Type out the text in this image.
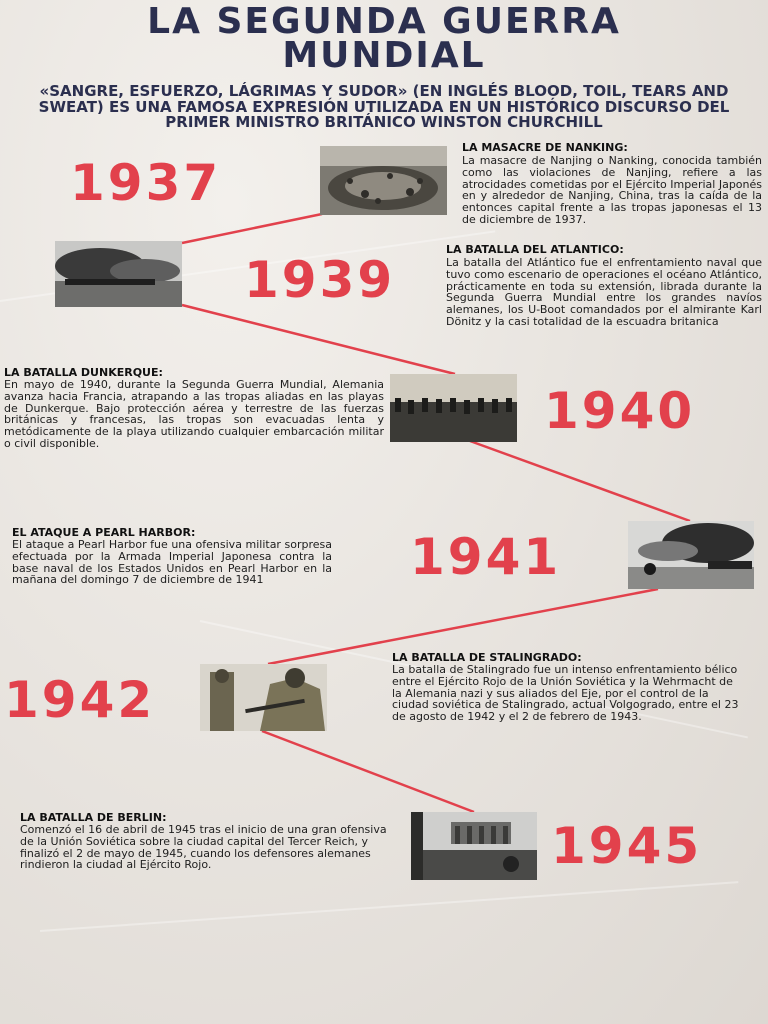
LA SEGUNDA GUERRA
MUNDIAL
«SANGRE, ESFUERZO, LÁGRIMAS Y SUDOR» (EN INGLÉS BLOOD, TOIL, TEARS AND SWEAT) ES UNA FAMOSA EXPRESIÓN UTILIZADA EN UN HISTÓRICO DISCURSO DEL PRIMER MINISTRO BRITÁNICO WINSTON CHURCHILL
1937
LA MASACRE DE NANKING:
La masacre de Nanjing o Nanking, conocida también como las violaciones de Nanjing, refiere a las atrocidades cometidas por el Ejército Imperial Japonés en y alrededor de Nanjing, China, tras la caída de la entonces capital frente a las tropas japonesas el 13 de diciembre de 1937.
1939
LA BATALLA DEL ATLANTICO:
La batalla del Atlántico fue el enfrentamiento naval que tuvo como escenario de operaciones el océano Atlántico, prácticamente en toda su extensión, librada durante la Segunda Guerra Mundial entre los grandes navíos alemanes, los U-Boot comandados por el almirante Karl Dönitz y la casi totalidad de la escuadra britanica
LA BATALLA DUNKERQUE:
En mayo de 1940, durante la Segunda Guerra Mundial, Alemania avanza hacia Francia, atrapando a las tropas aliadas en las playas de Dunkerque. Bajo protección aérea y terrestre de las fuerzas británicas y francesas, las tropas son evacuadas lenta y metódicamente de la playa utilizando cualquier embarcación militar o civil disponible.
1940
EL ATAQUE A PEARL HARBOR:
El ataque a Pearl Harbor fue una ofensiva militar sorpresa efectuada por la Armada Imperial Japonesa contra la base naval de los Estados Unidos en Pearl Harbor en la mañana del domingo 7 de diciembre de 1941	1941
1942
LA BATALLA DE STALINGRADO:
La batalla de Stalingrado fue un intenso enfrentamiento bélico entre el Ejército Rojo de la Unión Soviética y la Wehrmacht de la Alemania nazi y sus aliados del Eje, por el control de la ciudad soviética de Stalingrado, actual Volgogrado, entre el 23 de agosto de 1942 y el 2 de febrero de 1943.
LA BATALLA DE BERLIN:
Comenzó el 16 de abril de 1945 tras el inicio de una gran ofensiva de la Unión Soviética sobre la ciudad capital del Tercer Reich, y finalizó el 2 de mayo de 1945, cuando los defensores alemanes rindieron la ciudad al Ejército Rojo.	1945
